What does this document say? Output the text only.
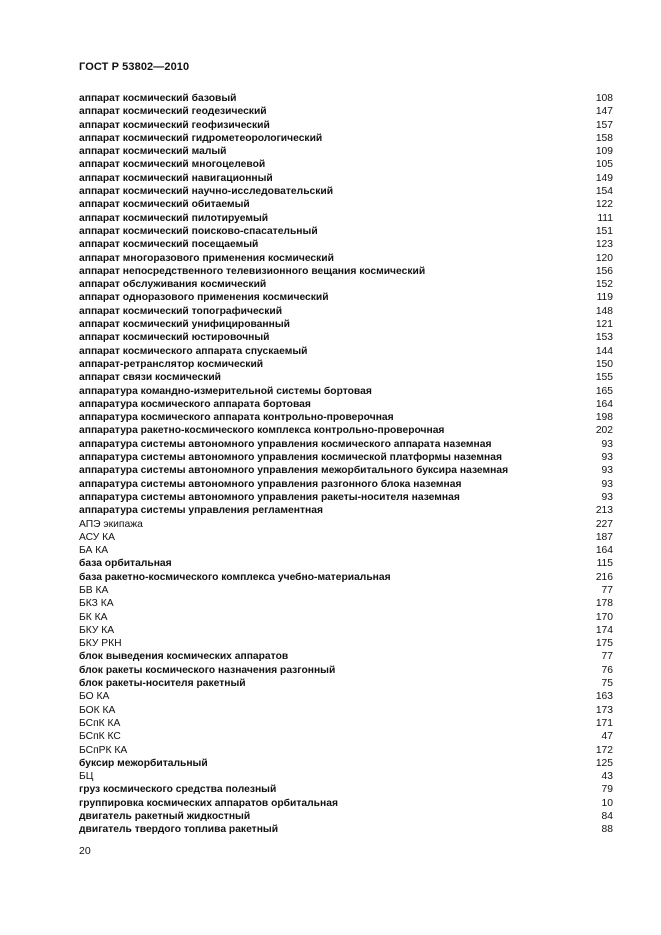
ГОСТ Р 53802—2010
аппарат космический базовый	108
аппарат космический геодезический	147
аппарат космический геофизический	157
аппарат космический гидрометеорологический	158
аппарат космический малый	109
аппарат космический многоцелевой	105
аппарат космический навигационный	149
аппарат космический научно-исследовательский	154
аппарат космический обитаемый	122
аппарат космический пилотируемый	111
аппарат космический поисково-спасательный	151
аппарат космический посещаемый	123
аппарат многоразового применения космический	120
аппарат непосредственного телевизионного вещания космический	156
аппарат обслуживания космический	152
аппарат одноразового применения космический	119
аппарат космический топографический	148
аппарат космический унифицированный	121
аппарат космический юстировочный	153
аппарат космического аппарата спускаемый	144
аппарат-ретранслятор космический	150
аппарат связи космический	155
аппаратура командно-измерительной системы бортовая	165
аппаратура космического аппарата бортовая	164
аппаратура космического аппарата контрольно-проверочная	198
аппаратура ракетно-космического комплекса контрольно-проверочная	202
аппаратура системы автономного управления космического аппарата наземная	93
аппаратура системы автономного управления космической платформы наземная	93
аппаратура системы автономного управления межорбитального буксира наземная	93
аппаратура системы автономного управления разгонного блока наземная	93
аппаратура системы автономного управления ракеты-носителя наземная	93
аппаратура системы управления регламентная	213
АПЭ экипажа	227
АСУ КА	187
БА КА	164
база орбитальная	115
база ракетно-космического комплекса учебно-материальная	216
БВ КА	77
БКЗ КА	178
БК КА	170
БКУ КА	174
БКУ РКН	175
блок выведения космических аппаратов	77
блок ракеты космического назначения разгонный	76
блок ракеты-носителя ракетный	75
БО КА	163
БОК КА	173
БСпК КА	171
БСпК КС	47
БСпРК КА	172
буксир межорбитальный	125
БЦ	43
груз космического средства полезный	79
группировка космических аппаратов орбитальная	10
двигатель ракетный жидкостный	84
двигатель твердого топлива ракетный	88
20
